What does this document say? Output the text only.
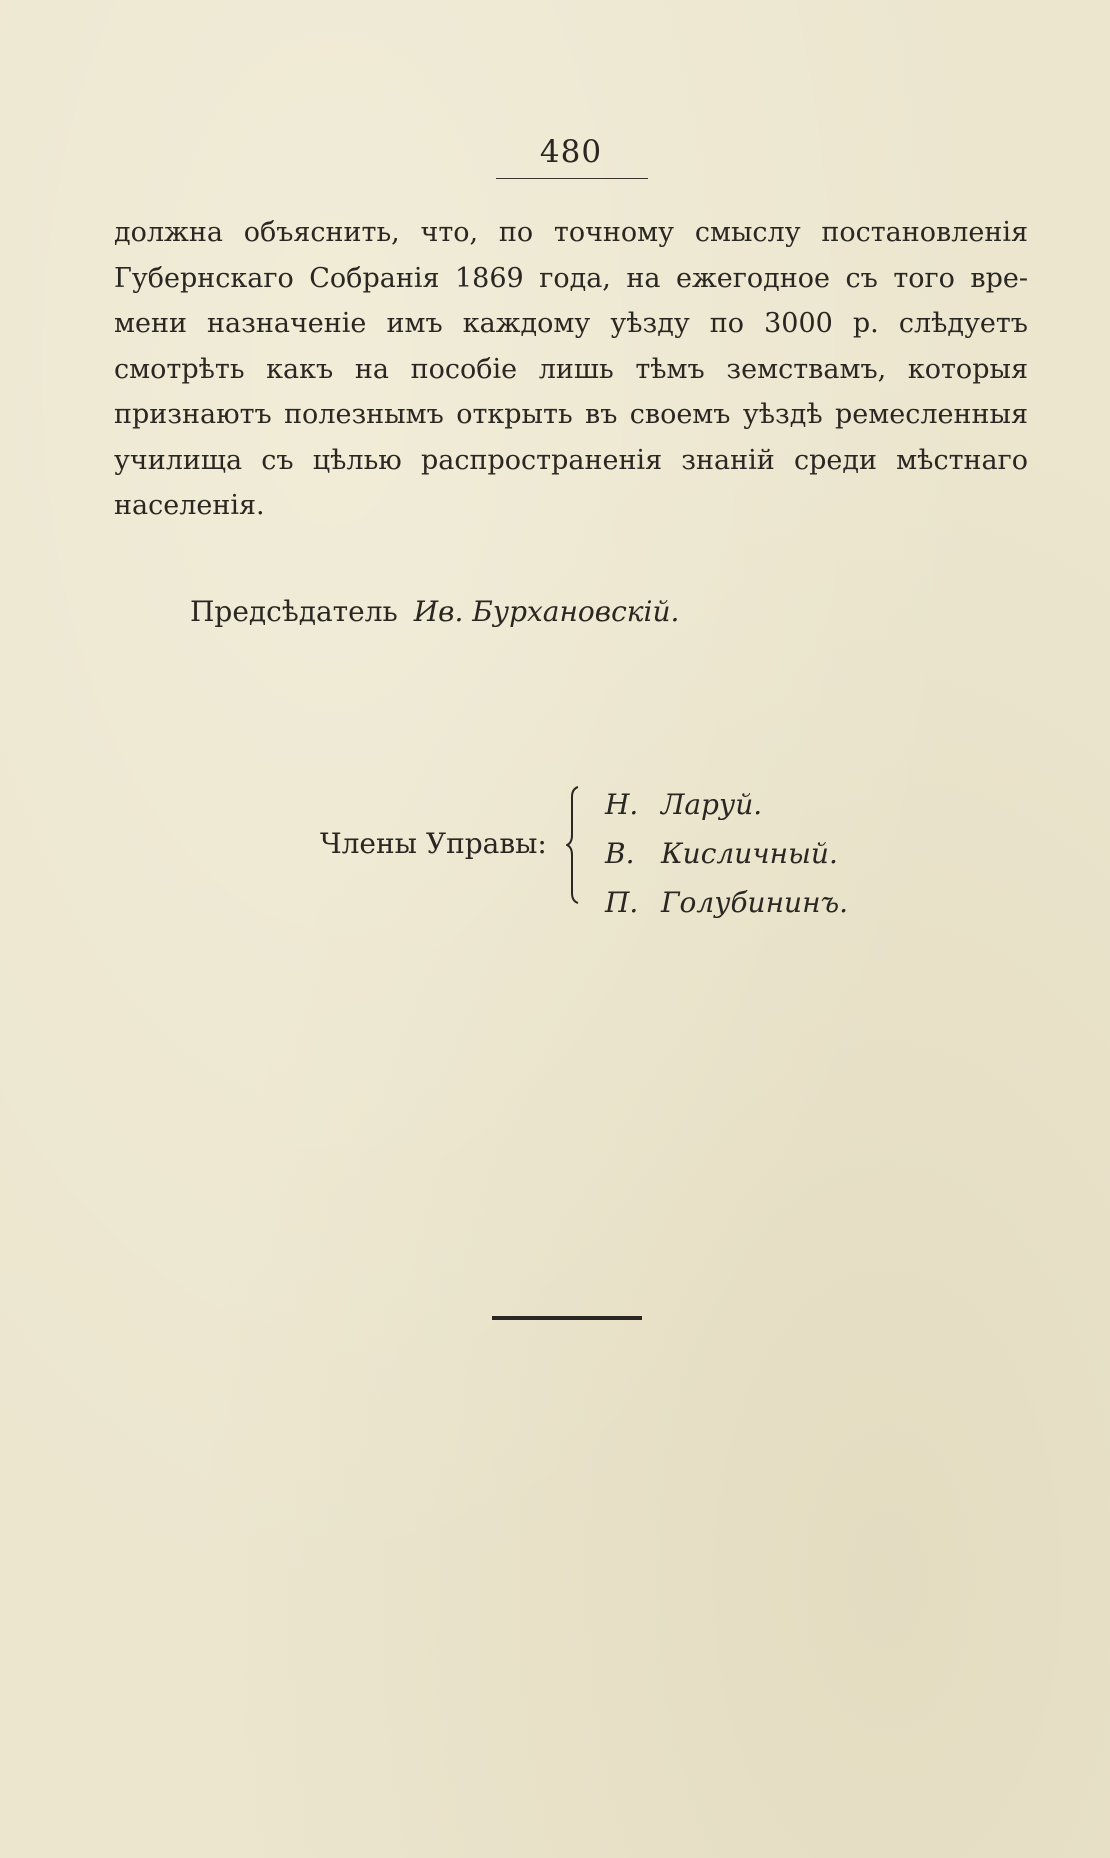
480
должна объяснить, что, по точному смыслу постановленія
Губернскаго Собранія 1869 года, на ежегодное съ того вре-
мени назначеніе имъ каждому уѣзду по 3000 р. слѣдуетъ
смотрѣть какъ на пособіе лишь тѣмъ земствамъ, которыя
признаютъ полезнымъ открыть въ своемъ уѣздѣ ремесленныя
училища съ цѣлью распространенія знаній среди мѣстнаго
населенія.
Предсѣдатель Ив. Бурхановскій.
Члены Управы:
Н. Ларуй.
В. Кисличный.
П. Голубининъ.
